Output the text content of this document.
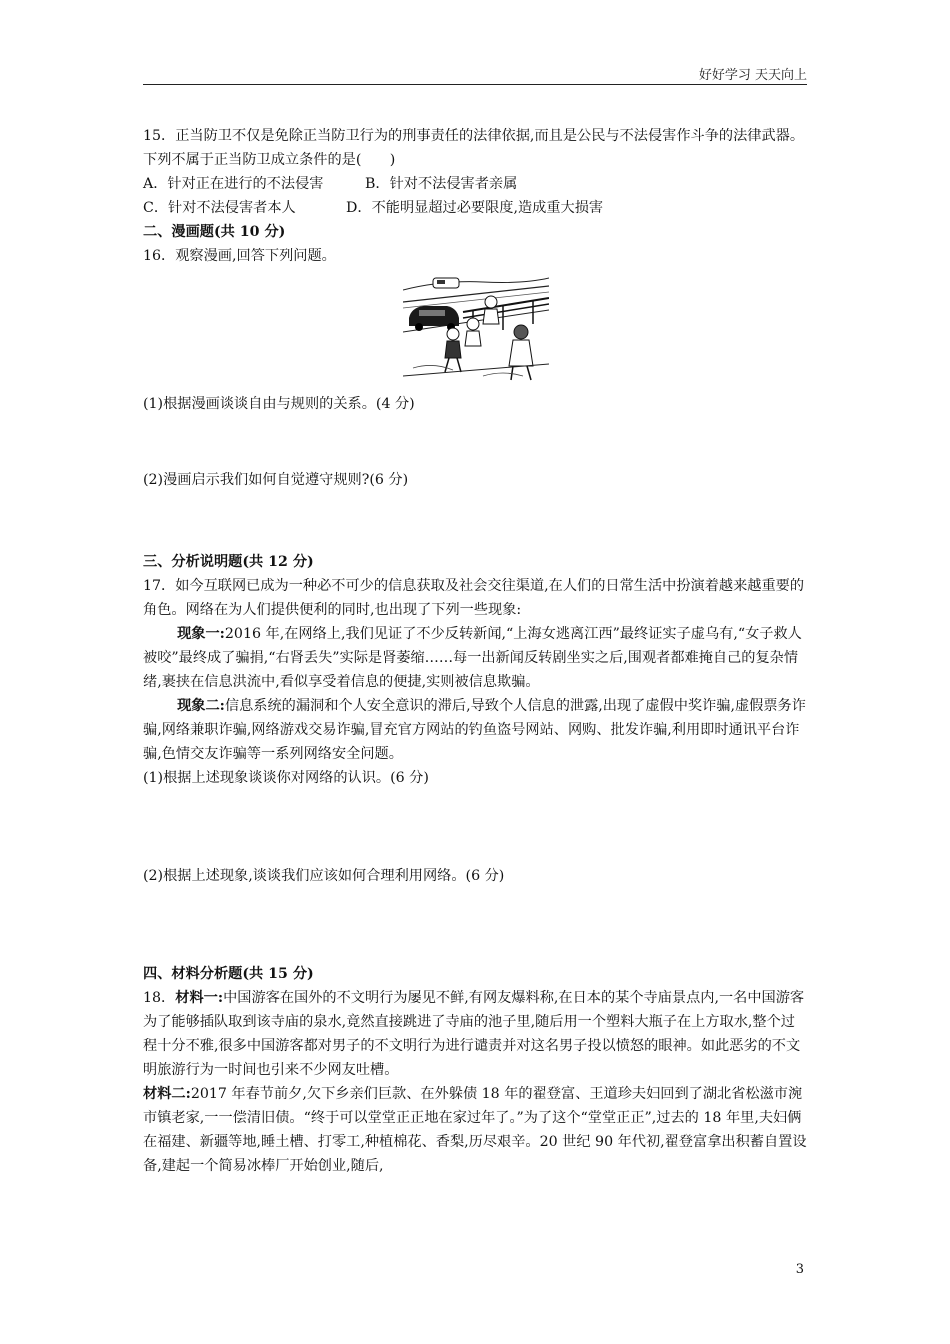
好好学习 天天向上

15．正当防卫不仅是免除正当防卫行为的刑事责任的法律依据,而且是公民与不法侵害作斗争的法律武器。下列不属于正当防卫成立条件的是(　　)

A．针对正在进行的不法侵害	B．针对不法侵害者亲属
C．针对不法侵害者本人	D．不能明显超过必要限度,造成重大损害

二、漫画题(共 10 分)

16．观察漫画,回答下列问题。

(1)根据漫画谈谈自由与规则的关系。(4 分)

(2)漫画启示我们如何自觉遵守规则?(6 分)

三、分析说明题(共 12 分)

17．如今互联网已成为一种必不可少的信息获取及社会交往渠道,在人们的日常生活中扮演着越来越重要的角色。网络在为人们提供便利的同时,也出现了下列一些现象:

现象一:2016 年,在网络上,我们见证了不少反转新闻,“上海女逃离江西”最终证实子虚乌有,“女子救人被咬”最终成了骗捐,“右肾丢失”实际是肾萎缩……每一出新闻反转剧坐实之后,围观者都难掩自己的复杂情绪,裹挟在信息洪流中,看似享受着信息的便捷,实则被信息欺骗。

现象二:信息系统的漏洞和个人安全意识的滞后,导致个人信息的泄露,出现了虚假中奖诈骗,虚假票务诈骗,网络兼职诈骗,网络游戏交易诈骗,冒充官方网站的钓鱼盗号网站、网购、批发诈骗,利用即时通讯平台诈骗,色情交友诈骗等一系列网络安全问题。

(1)根据上述现象谈谈你对网络的认识。(6 分)

(2)根据上述现象,谈谈我们应该如何合理利用网络。(6 分)

四、材料分析题(共 15 分)

18．材料一:中国游客在国外的不文明行为屡见不鲜,有网友爆料称,在日本的某个寺庙景点内,一名中国游客为了能够插队取到该寺庙的泉水,竟然直接跳进了寺庙的池子里,随后用一个塑料大瓶子在上方取水,整个过程十分不雅,很多中国游客都对男子的不文明行为进行谴责并对这名男子投以愤怒的眼神。如此恶劣的不文明旅游行为一时间也引来不少网友吐槽。

材料二:2017 年春节前夕,欠下乡亲们巨款、在外躲债 18 年的翟登富、王道珍夫妇回到了湖北省松滋市涴市镇老家,一一偿清旧债。“终于可以堂堂正正地在家过年了。”为了这个“堂堂正正”,过去的 18 年里,夫妇俩在福建、新疆等地,睡土槽、打零工,种植棉花、香梨,历尽艰辛。20 世纪 90 年代初,翟登富拿出积蓄自置设备,建起一个简易冰棒厂开始创业,随后,

3
